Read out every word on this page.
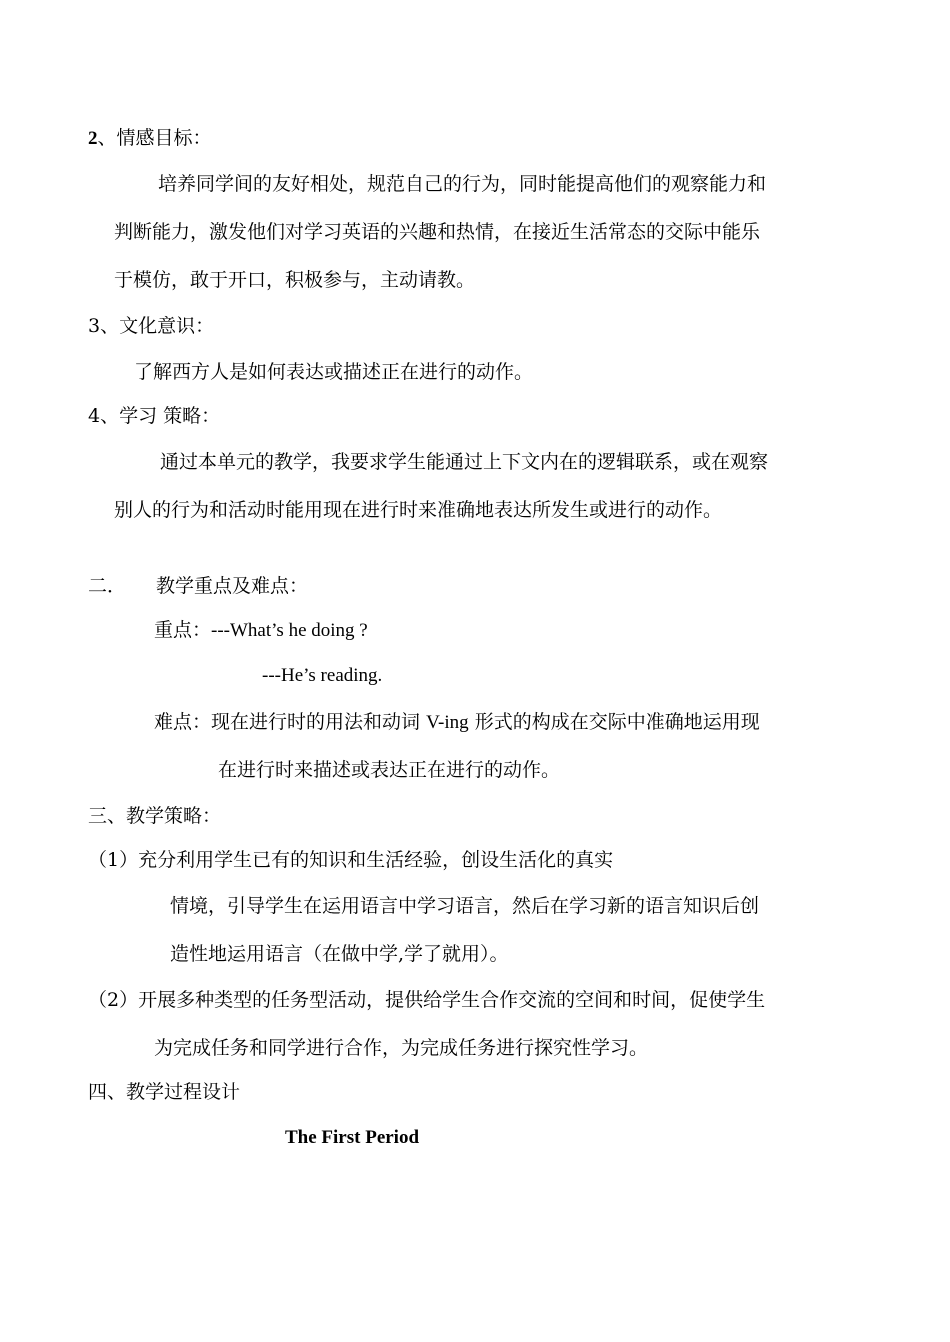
2、情感目标：
培养同学间的友好相处，规范自己的行为，同时能提高他们的观察能力和
判断能力，激发他们对学习英语的兴趣和热情，在接近生活常态的交际中能乐
于模仿，敢于开口，积极参与，主动请教。
3、文化意识：
了解西方人是如何表达或描述正在进行的动作。
4、学习 策略：
通过本单元的教学，我要求学生能通过上下文内在的逻辑联系，或在观察
别人的行为和活动时能用现在进行时来准确地表达所发生或进行的动作。
二． 教学重点及难点：
重点：---What’s he doing ?
---He’s reading.
难点：现在进行时的用法和动词 V-ing 形式的构成在交际中准确地运用现
在进行时来描述或表达正在进行的动作。
三、教学策略：
（1）充分利用学生已有的知识和生活经验，创设生活化的真实
情境，引导学生在运用语言中学习语言，然后在学习新的语言知识后创
造性地运用语言（在做中学,学了就用）。
（2）开展多种类型的任务型活动，提供给学生合作交流的空间和时间，促使学生
为完成任务和同学进行合作，为完成任务进行探究性学习。
四、教学过程设计
The First Period
